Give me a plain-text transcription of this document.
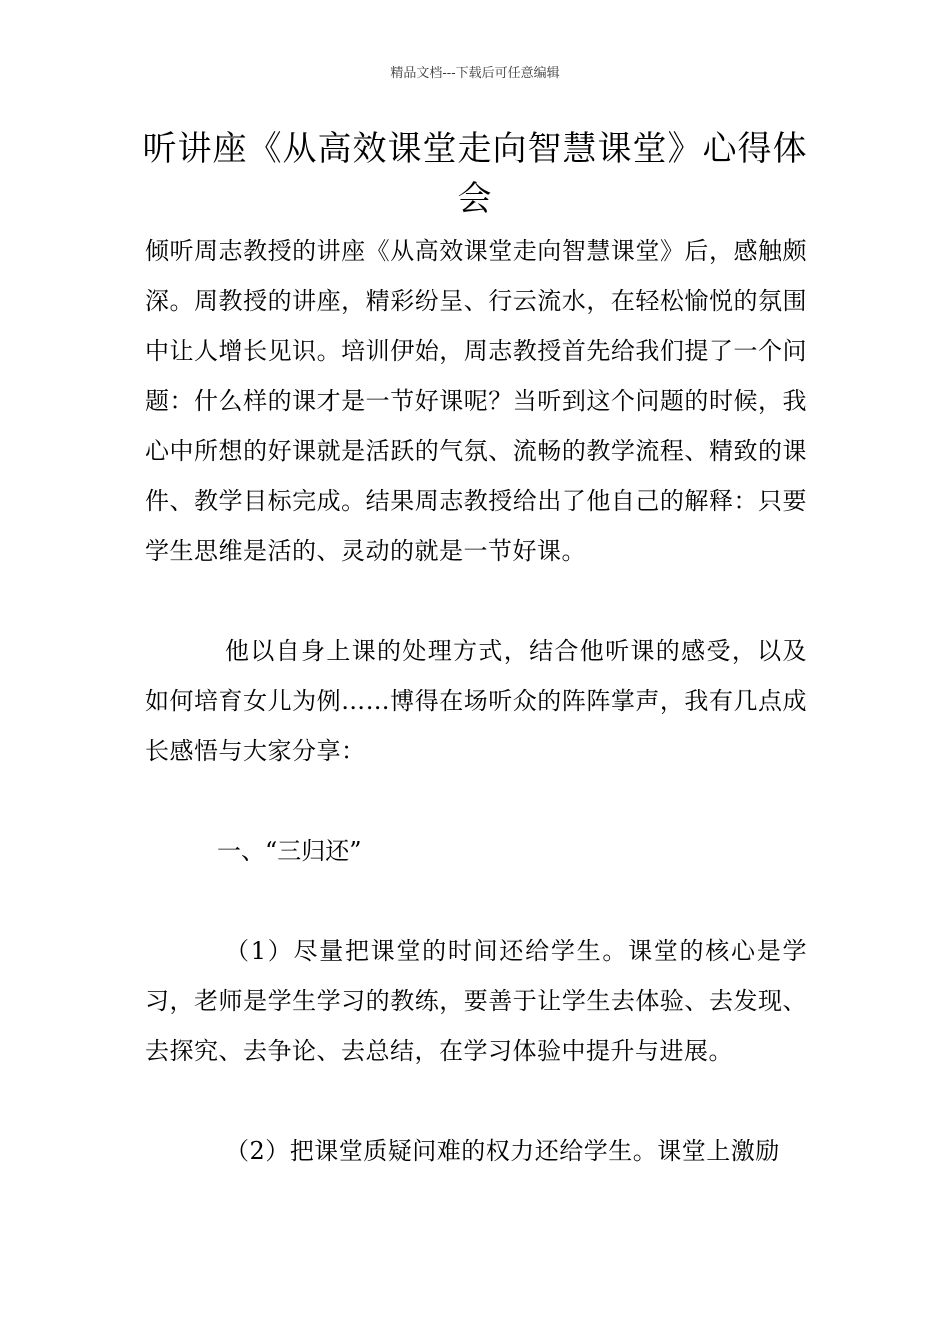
精品文档---下载后可任意编辑
听讲座《从高效课堂走向智慧课堂》心得体会

倾听周志教授的讲座《从高效课堂走向智慧课堂》后，感触颇深。周教授的讲座，精彩纷呈、行云流水，在轻松愉悦的氛围中让人增长见识。培训伊始，周志教授首先给我们提了一个问题：什么样的课才是一节好课呢？当听到这个问题的时候，我心中所想的好课就是活跃的气氛、流畅的教学流程、精致的课件、教学目标完成。结果周志教授给出了他自己的解释：只要学生思维是活的、灵动的就是一节好课。

他以自身上课的处理方式，结合他听课的感受，以及如何培育女儿为例……博得在场听众的阵阵掌声，我有几点成长感悟与大家分享：

一、“三归还”

（1）尽量把课堂的时间还给学生。课堂的核心是学习，老师是学生学习的教练，要善于让学生去体验、去发现、去探究、去争论、去总结，在学习体验中提升与进展。

（2）把课堂质疑问难的权力还给学生。课堂上激励
